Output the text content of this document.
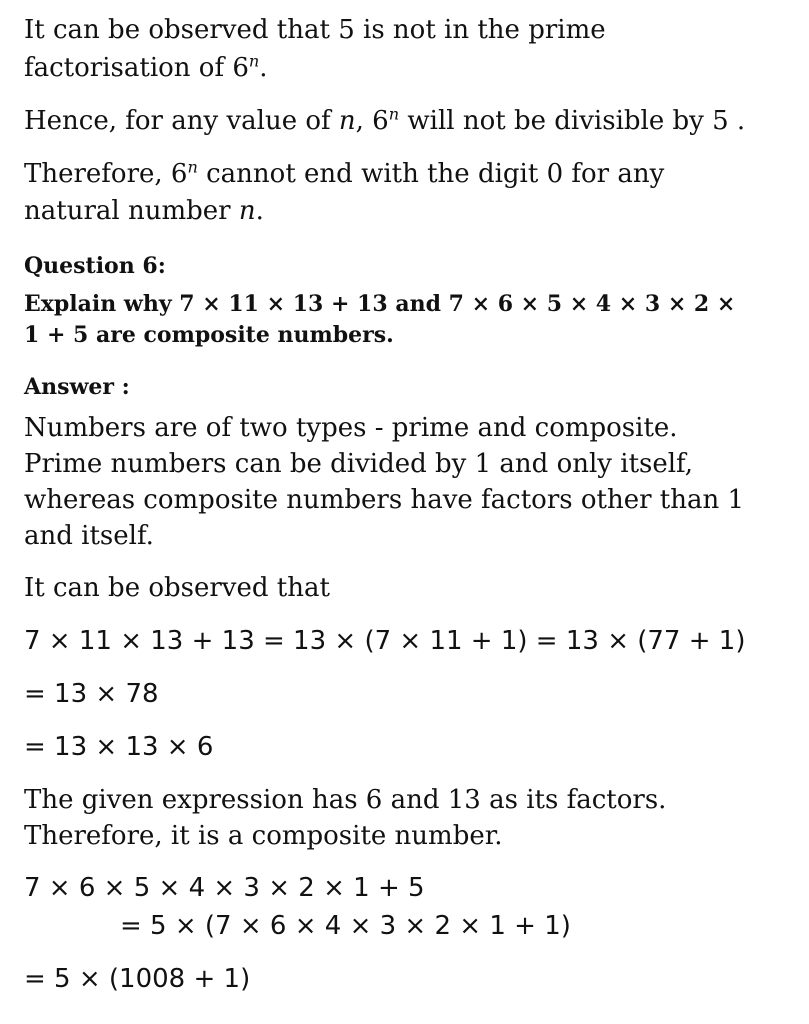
It can be observed that 5 is not in the prime

factorisation of 6$^n$.

Hence, for any value of n, 6$^n$ will not be divisible by 5 .

Therefore, 6$^n$ cannot end with the digit 0 for any

natural number n.

Question 6:

Explain why 7 × 11 × 13 + 13 and 7 × 6 × 5 × 4 × 3 × 2 ×

1 + 5 are composite numbers.

Answer :

Numbers are of two types - prime and composite.

Prime numbers can be divided by 1 and only itself,

whereas composite numbers have factors other than 1

and itself.

It can be observed that

7 × 11 × 13 + 13 = 13 × (7 × 11 + 1) = 13 × (77 + 1)

= 13 × 78

= 13 × 13 × 6

The given expression has 6 and 13 as its factors.

Therefore, it is a composite number.

7 × 6 × 5 × 4 × 3 × 2 × 1 + 5

= 5 × (7 × 6 × 4 × 3 × 2 × 1 + 1)

= 5 × (1008 + 1)
